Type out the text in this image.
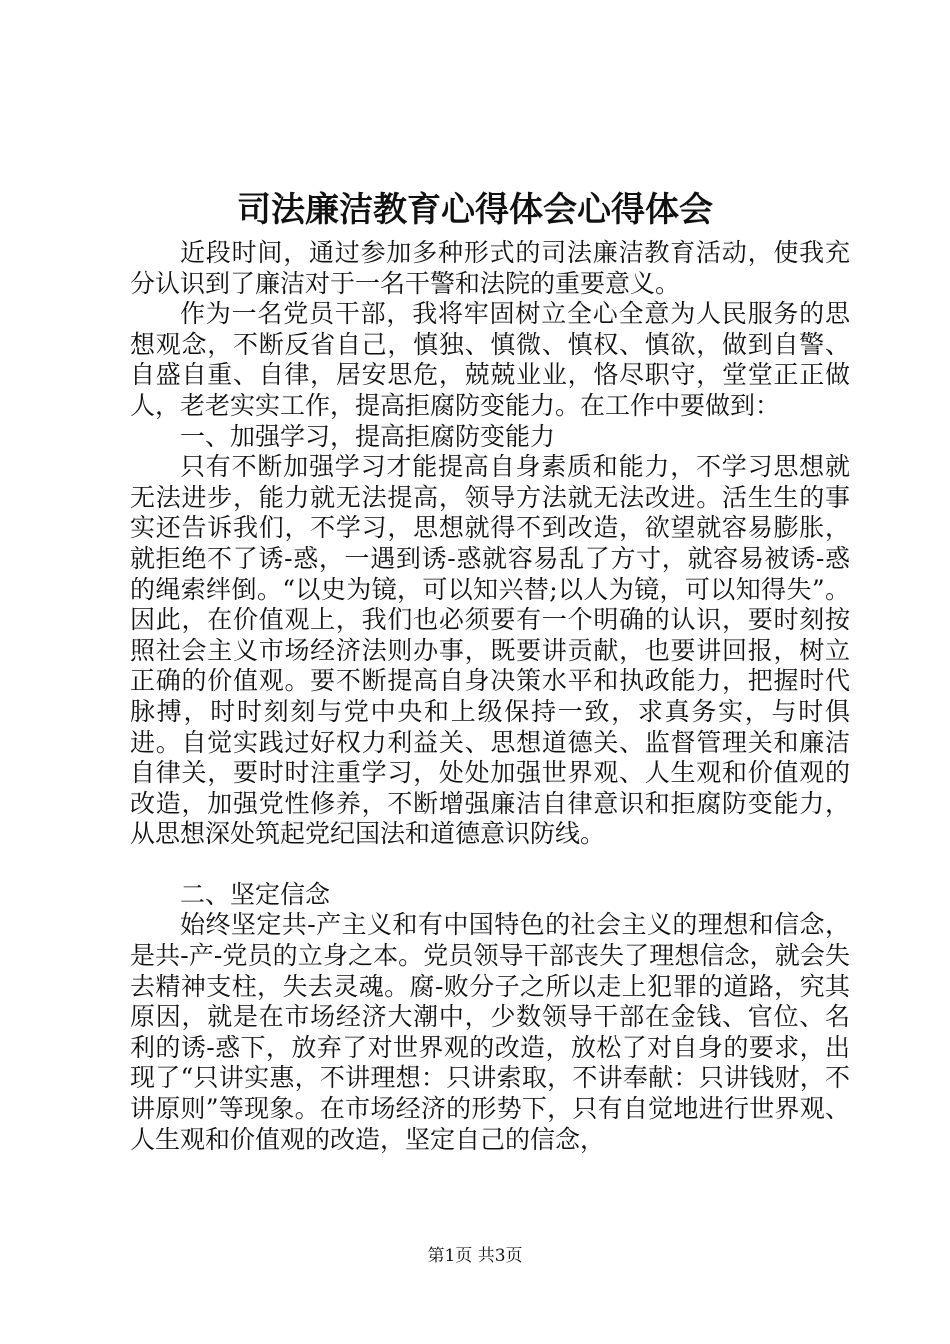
司法廉洁教育心得体会心得体会

近段时间，通过参加多种形式的司法廉洁教育活动，使我充分认识到了廉洁对于一名干警和法院的重要意义。

作为一名党员干部，我将牢固树立全心全意为人民服务的思想观念，不断反省自己，慎独、慎微、慎权、慎欲，做到自警、自盛自重、自律，居安思危，兢兢业业，恪尽职守，堂堂正正做人，老老实实工作，提高拒腐防变能力。在工作中要做到：

一、加强学习，提高拒腐防变能力

只有不断加强学习才能提高自身素质和能力，不学习思想就无法进步，能力就无法提高，领导方法就无法改进。活生生的事实还告诉我们，不学习，思想就得不到改造，欲望就容易膨胀，就拒绝不了诱-惑，一遇到诱-惑就容易乱了方寸，就容易被诱-惑的绳索绊倒。“以史为镜，可以知兴替;以人为镜，可以知得失”。因此，在价值观上，我们也必须要有一个明确的认识，要时刻按照社会主义市场经济法则办事，既要讲贡献，也要讲回报，树立正确的价值观。要不断提高自身决策水平和执政能力，把握时代脉搏，时时刻刻与党中央和上级保持一致，求真务实，与时俱进。自觉实践过好权力利益关、思想道德关、监督管理关和廉洁自律关，要时时注重学习，处处加强世界观、人生观和价值观的改造，加强党性修养，不断增强廉洁自律意识和拒腐防变能力，从思想深处筑起党纪国法和道德意识防线。

二、坚定信念

始终坚定共-产主义和有中国特色的社会主义的理想和信念，是共-产-党员的立身之本。党员领导干部丧失了理想信念，就会失去精神支柱，失去灵魂。腐-败分子之所以走上犯罪的道路，究其原因，就是在市场经济大潮中，少数领导干部在金钱、官位、名利的诱-惑下，放弃了对世界观的改造，放松了对自身的要求，出现了“只讲实惠，不讲理想：只讲索取，不讲奉献：只讲钱财，不讲原则”等现象。在市场经济的形势下，只有自觉地进行世界观、人生观和价值观的改造，坚定自己的信念，

第1页 共3页
